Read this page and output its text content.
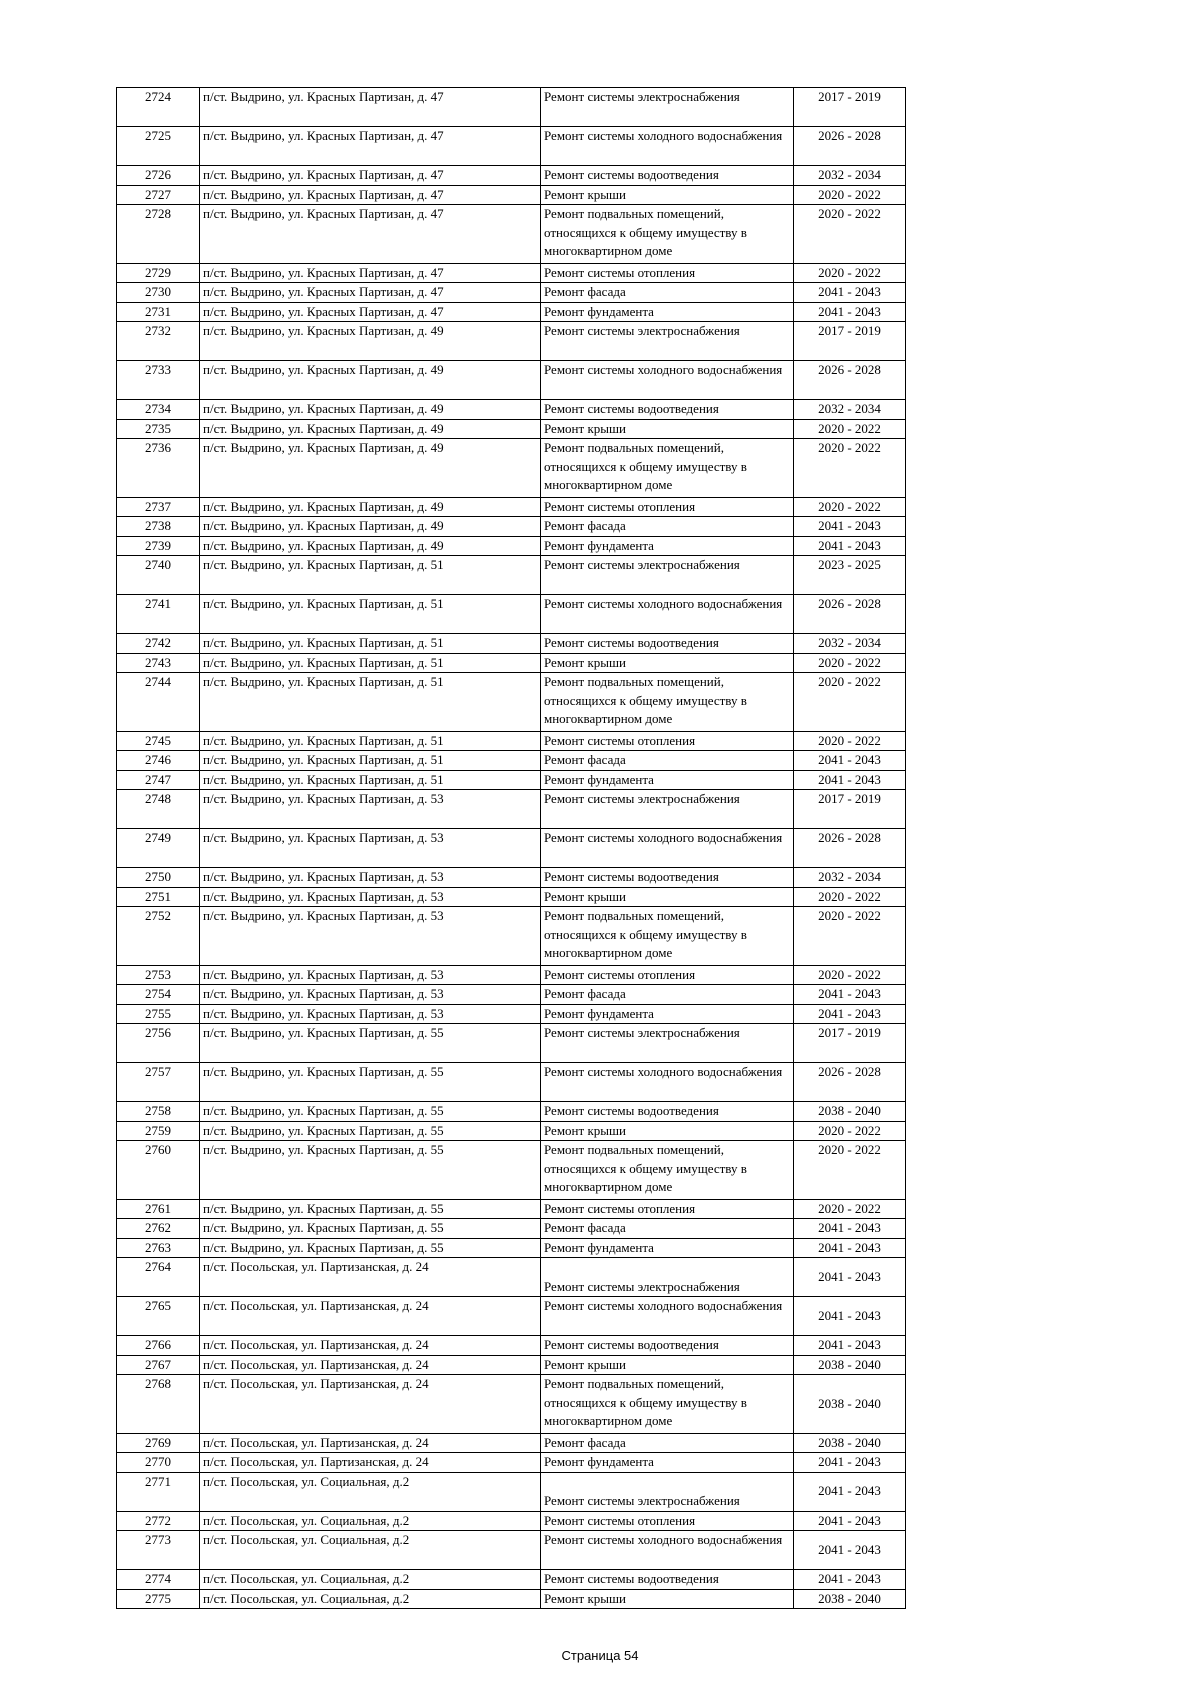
2724	п/ст. Выдрино, ул. Красных Партизан, д. 47	Ремонт системы электроснабжения	2017 - 2019
2725	п/ст. Выдрино, ул. Красных Партизан, д. 47	Ремонт системы холодного водоснабжения	2026 - 2028
2726	п/ст. Выдрино, ул. Красных Партизан, д. 47	Ремонт системы водоотведения	2032 - 2034
2727	п/ст. Выдрино, ул. Красных Партизан, д. 47	Ремонт крыши	2020 - 2022
2728	п/ст. Выдрино, ул. Красных Партизан, д. 47	Ремонт подвальных помещений, относящихся к общему имуществу в многоквартирном доме	2020 - 2022
2729	п/ст. Выдрино, ул. Красных Партизан, д. 47	Ремонт системы отопления	2020 - 2022
2730	п/ст. Выдрино, ул. Красных Партизан, д. 47	Ремонт фасада	2041 - 2043
2731	п/ст. Выдрино, ул. Красных Партизан, д. 47	Ремонт фундамента	2041 - 2043
2732	п/ст. Выдрино, ул. Красных Партизан, д. 49	Ремонт системы электроснабжения	2017 - 2019
2733	п/ст. Выдрино, ул. Красных Партизан, д. 49	Ремонт системы холодного водоснабжения	2026 - 2028
2734	п/ст. Выдрино, ул. Красных Партизан, д. 49	Ремонт системы водоотведения	2032 - 2034
2735	п/ст. Выдрино, ул. Красных Партизан, д. 49	Ремонт крыши	2020 - 2022
2736	п/ст. Выдрино, ул. Красных Партизан, д. 49	Ремонт подвальных помещений, относящихся к общему имуществу в многоквартирном доме	2020 - 2022
2737	п/ст. Выдрино, ул. Красных Партизан, д. 49	Ремонт системы отопления	2020 - 2022
2738	п/ст. Выдрино, ул. Красных Партизан, д. 49	Ремонт фасада	2041 - 2043
2739	п/ст. Выдрино, ул. Красных Партизан, д. 49	Ремонт фундамента	2041 - 2043
2740	п/ст. Выдрино, ул. Красных Партизан, д. 51	Ремонт системы электроснабжения	2023 - 2025
2741	п/ст. Выдрино, ул. Красных Партизан, д. 51	Ремонт системы холодного водоснабжения	2026 - 2028
2742	п/ст. Выдрино, ул. Красных Партизан, д. 51	Ремонт системы водоотведения	2032 - 2034
2743	п/ст. Выдрино, ул. Красных Партизан, д. 51	Ремонт крыши	2020 - 2022
2744	п/ст. Выдрино, ул. Красных Партизан, д. 51	Ремонт подвальных помещений, относящихся к общему имуществу в многоквартирном доме	2020 - 2022
2745	п/ст. Выдрино, ул. Красных Партизан, д. 51	Ремонт системы отопления	2020 - 2022
2746	п/ст. Выдрино, ул. Красных Партизан, д. 51	Ремонт фасада	2041 - 2043
2747	п/ст. Выдрино, ул. Красных Партизан, д. 51	Ремонт фундамента	2041 - 2043
2748	п/ст. Выдрино, ул. Красных Партизан, д. 53	Ремонт системы электроснабжения	2017 - 2019
2749	п/ст. Выдрино, ул. Красных Партизан, д. 53	Ремонт системы холодного водоснабжения	2026 - 2028
2750	п/ст. Выдрино, ул. Красных Партизан, д. 53	Ремонт системы водоотведения	2032 - 2034
2751	п/ст. Выдрино, ул. Красных Партизан, д. 53	Ремонт крыши	2020 - 2022
2752	п/ст. Выдрино, ул. Красных Партизан, д. 53	Ремонт подвальных помещений, относящихся к общему имуществу в многоквартирном доме	2020 - 2022
2753	п/ст. Выдрино, ул. Красных Партизан, д. 53	Ремонт системы отопления	2020 - 2022
2754	п/ст. Выдрино, ул. Красных Партизан, д. 53	Ремонт фасада	2041 - 2043
2755	п/ст. Выдрино, ул. Красных Партизан, д. 53	Ремонт фундамента	2041 - 2043
2756	п/ст. Выдрино, ул. Красных Партизан, д. 55	Ремонт системы электроснабжения	2017 - 2019
2757	п/ст. Выдрино, ул. Красных Партизан, д. 55	Ремонт системы холодного водоснабжения	2026 - 2028
2758	п/ст. Выдрино, ул. Красных Партизан, д. 55	Ремонт системы водоотведения	2038 - 2040
2759	п/ст. Выдрино, ул. Красных Партизан, д. 55	Ремонт крыши	2020 - 2022
2760	п/ст. Выдрино, ул. Красных Партизан, д. 55	Ремонт подвальных помещений, относящихся к общему имуществу в многоквартирном доме	2020 - 2022
2761	п/ст. Выдрино, ул. Красных Партизан, д. 55	Ремонт системы отопления	2020 - 2022
2762	п/ст. Выдрино, ул. Красных Партизан, д. 55	Ремонт фасада	2041 - 2043
2763	п/ст. Выдрино, ул. Красных Партизан, д. 55	Ремонт фундамента	2041 - 2043
2764	п/ст. Посольская, ул. Партизанская, д. 24	Ремонт системы электроснабжения	2041 - 2043
2765	п/ст. Посольская, ул. Партизанская, д. 24	Ремонт системы холодного водоснабжения	2041 - 2043
2766	п/ст. Посольская, ул. Партизанская, д. 24	Ремонт системы водоотведения	2041 - 2043
2767	п/ст. Посольская, ул. Партизанская, д. 24	Ремонт крыши	2038 - 2040
2768	п/ст. Посольская, ул. Партизанская, д. 24	Ремонт подвальных помещений, относящихся к общему имуществу в многоквартирном доме	2038 - 2040
2769	п/ст. Посольская, ул. Партизанская, д. 24	Ремонт фасада	2038 - 2040
2770	п/ст. Посольская, ул. Партизанская, д. 24	Ремонт фундамента	2041 - 2043
2771	п/ст. Посольская, ул. Социальная, д.2	Ремонт системы электроснабжения	2041 - 2043
2772	п/ст. Посольская, ул. Социальная, д.2	Ремонт системы отопления	2041 - 2043
2773	п/ст. Посольская, ул. Социальная, д.2	Ремонт системы холодного водоснабжения	2041 - 2043
2774	п/ст. Посольская, ул. Социальная, д.2	Ремонт системы водоотведения	2041 - 2043
2775	п/ст. Посольская, ул. Социальная, д.2	Ремонт крыши	2038 - 2040
Страница 54
